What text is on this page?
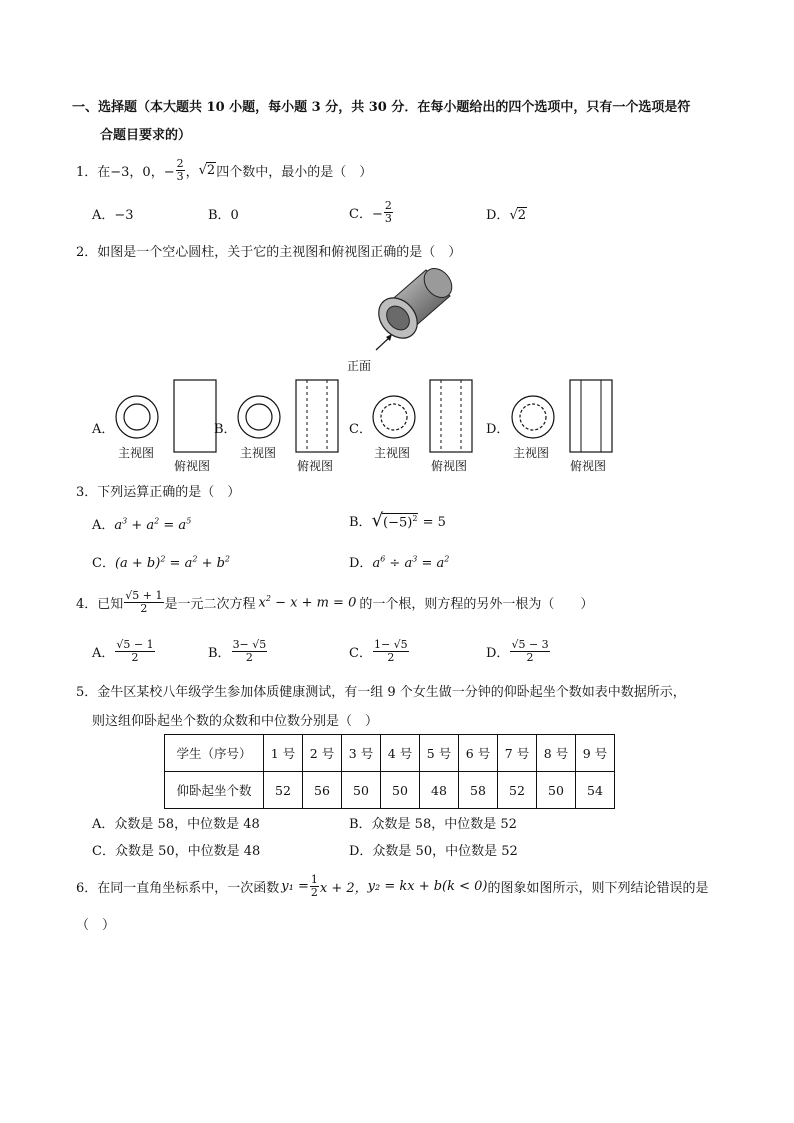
一、选择题（本大题共 10 小题，每小题 3 分，共 30 分．在每小题给出的四个选项中，只有一个选项是符
合题目要求的）
1．在−3，0，− $\frac{2}{3}$ ， √ 2 四个数中，最小的是（　）
A．−3	B．0	C．− $\frac{2}{3}$	D．√2
2．如图是一个空心圆柱，关于它的主视图和俯视图正确的是（　）
正面
A．	B．	C．	D．
主视图
俯视图
主视图
俯视图
主视图
俯视图
主视图
俯视图
3．下列运算正确的是（　）
A．$a^3 + a^2 = a^5$	B．$√(-5)^2 = 5$
C．$(a + b)^2 = a^2 + b^2$	D．$a^6 \div a^3 = a^2$
4．已知 $\frac{√5 + 1}{2}$ 是一元二次方程 $x^2 - x + m = 0$ 的一个根，则方程的另外一根为（　　）
A． $\frac{√5 - 1}{2}$	B． $\frac{3- √5}{2}$	C． $\frac{1- √5}{2}$	D． $\frac{√5 - 3}{2}$
5．金牛区某校八年级学生参加体质健康测试，有一组 9 个女生做一分钟的仰卧起坐个数如表中数据所示，
则这组仰卧起坐个数的众数和中位数分别是（　）
学生（序号）	1 号	2 号	3 号	4 号	5 号	6 号	7 号	8 号	9 号
仰卧起坐个数	52	56	50	50	48	58	52	50	54
A．众数是 58，中位数是 48	B．众数是 58，中位数是 52
C．众数是 50，中位数是 48	D．众数是 50，中位数是 52
6．在同一直角坐标系中，一次函数 $y_1 = \frac{1}{2}$ x + 2， y₂ = kx + b(k < 0) 的图象如图所示，则下列结论错误的是
（　）
